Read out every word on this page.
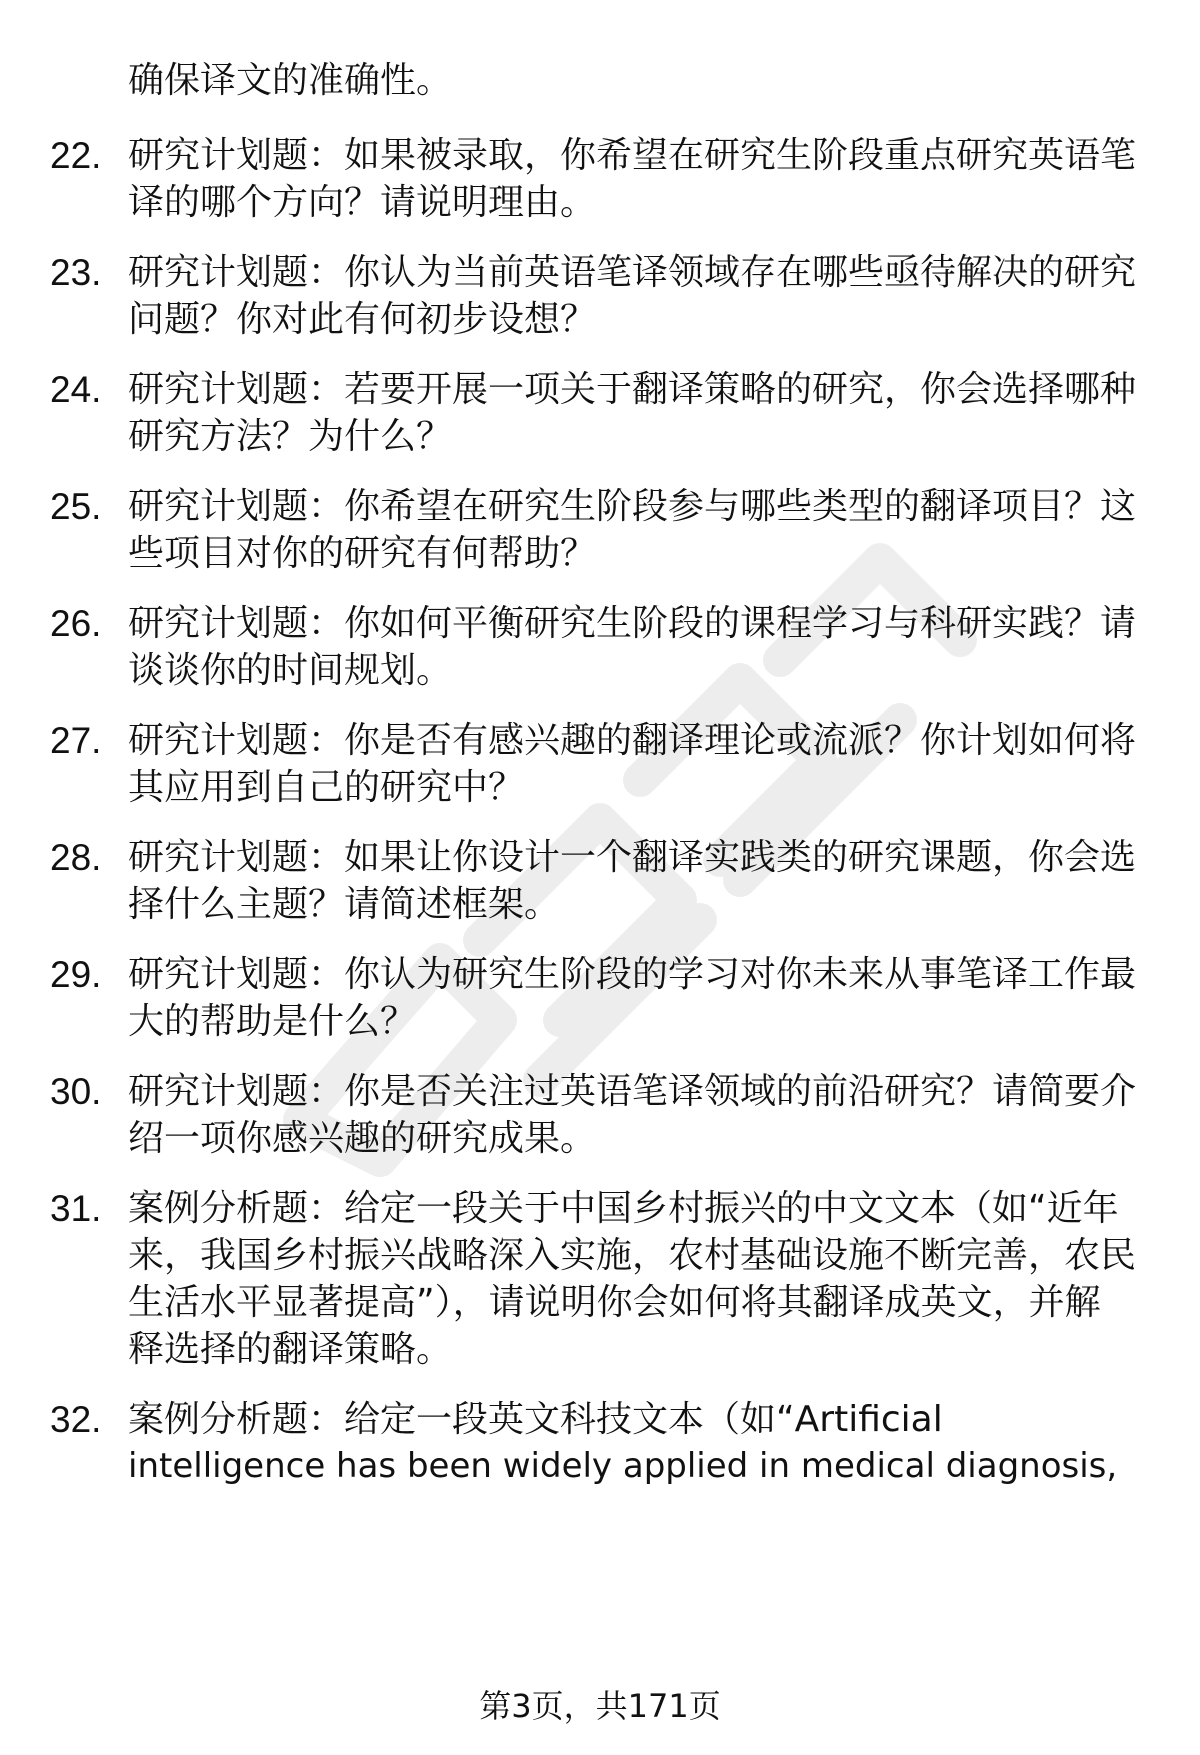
确保译文的准确性。
22. 研究计划题：如果被录取，你希望在研究生阶段重点研究英语笔
译的哪个方向？请说明理由。
23. 研究计划题：你认为当前英语笔译领域存在哪些亟待解决的研究
问题？你对此有何初步设想？
24. 研究计划题：若要开展一项关于翻译策略的研究，你会选择哪种
研究方法？为什么？
25. 研究计划题：你希望在研究生阶段参与哪些类型的翻译项目？这
些项目对你的研究有何帮助？
26. 研究计划题：你如何平衡研究生阶段的课程学习与科研实践？请
谈谈你的时间规划。
27. 研究计划题：你是否有感兴趣的翻译理论或流派？你计划如何将
其应用到自己的研究中？
28. 研究计划题：如果让你设计一个翻译实践类的研究课题，你会选
择什么主题？请简述框架。
29. 研究计划题：你认为研究生阶段的学习对你未来从事笔译工作最
大的帮助是什么？
30. 研究计划题：你是否关注过英语笔译领域的前沿研究？请简要介
绍一项你感兴趣的研究成果。
31. 案例分析题：给定一段关于中国乡村振兴的中文文本（如“近年
来，我国乡村振兴战略深入实施，农村基础设施不断完善，农民
生活水平显著提高”），请说明你会如何将其翻译成英文，并解
释选择的翻译策略。
32. 案例分析题：给定一段英文科技文本（如“Artificial
intelligence has been widely applied in medical diagnosis,
第3页，共171页
